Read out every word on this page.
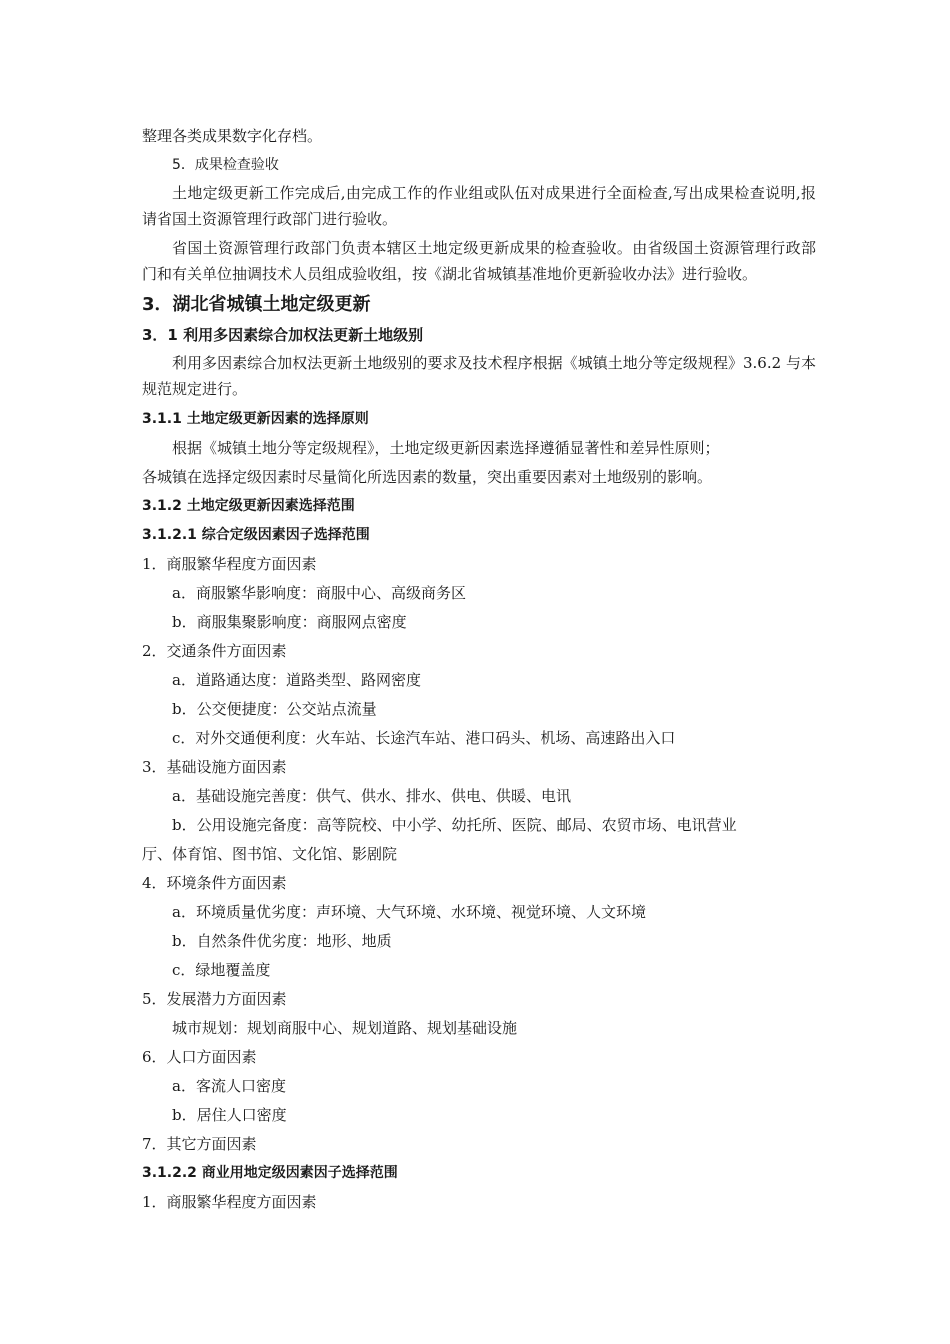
整理各类成果数字化存档。

5．成果检查验收

土地定级更新工作完成后,由完成工作的作业组或队伍对成果进行全面检查,写出成果检查说明,报请省国土资源管理行政部门进行验收。

省国土资源管理行政部门负责本辖区土地定级更新成果的检查验收。由省级国土资源管理行政部门和有关单位抽调技术人员组成验收组，按《湖北省城镇基准地价更新验收办法》进行验收。

3．湖北省城镇土地定级更新

3．1 利用多因素综合加权法更新土地级别

利用多因素综合加权法更新土地级别的要求及技术程序根据《城镇土地分等定级规程》3.6.2 与本规范规定进行。

3.1.1 土地定级更新因素的选择原则

根据《城镇土地分等定级规程》，土地定级更新因素选择遵循显著性和差异性原则；

各城镇在选择定级因素时尽量简化所选因素的数量，突出重要因素对土地级别的影响。

3.1.2 土地定级更新因素选择范围

3.1.2.1 综合定级因素因子选择范围

1．商服繁华程度方面因素

a．商服繁华影响度：商服中心、高级商务区

b．商服集聚影响度：商服网点密度

2．交通条件方面因素

a．道路通达度：道路类型、路网密度

b．公交便捷度：公交站点流量

c．对外交通便利度：火车站、长途汽车站、港口码头、机场、高速路出入口

3．基础设施方面因素

a．基础设施完善度：供气、供水、排水、供电、供暖、电讯

b．公用设施完备度：高等院校、中小学、幼托所、医院、邮局、农贸市场、电讯营业

厅、体育馆、图书馆、文化馆、影剧院

4．环境条件方面因素

a．环境质量优劣度：声环境、大气环境、水环境、视觉环境、人文环境

b．自然条件优劣度：地形、地质

c．绿地覆盖度

5．发展潜力方面因素

城市规划：规划商服中心、规划道路、规划基础设施

6．人口方面因素

a．客流人口密度

b．居住人口密度

7．其它方面因素

3.1.2.2 商业用地定级因素因子选择范围

1．商服繁华程度方面因素
